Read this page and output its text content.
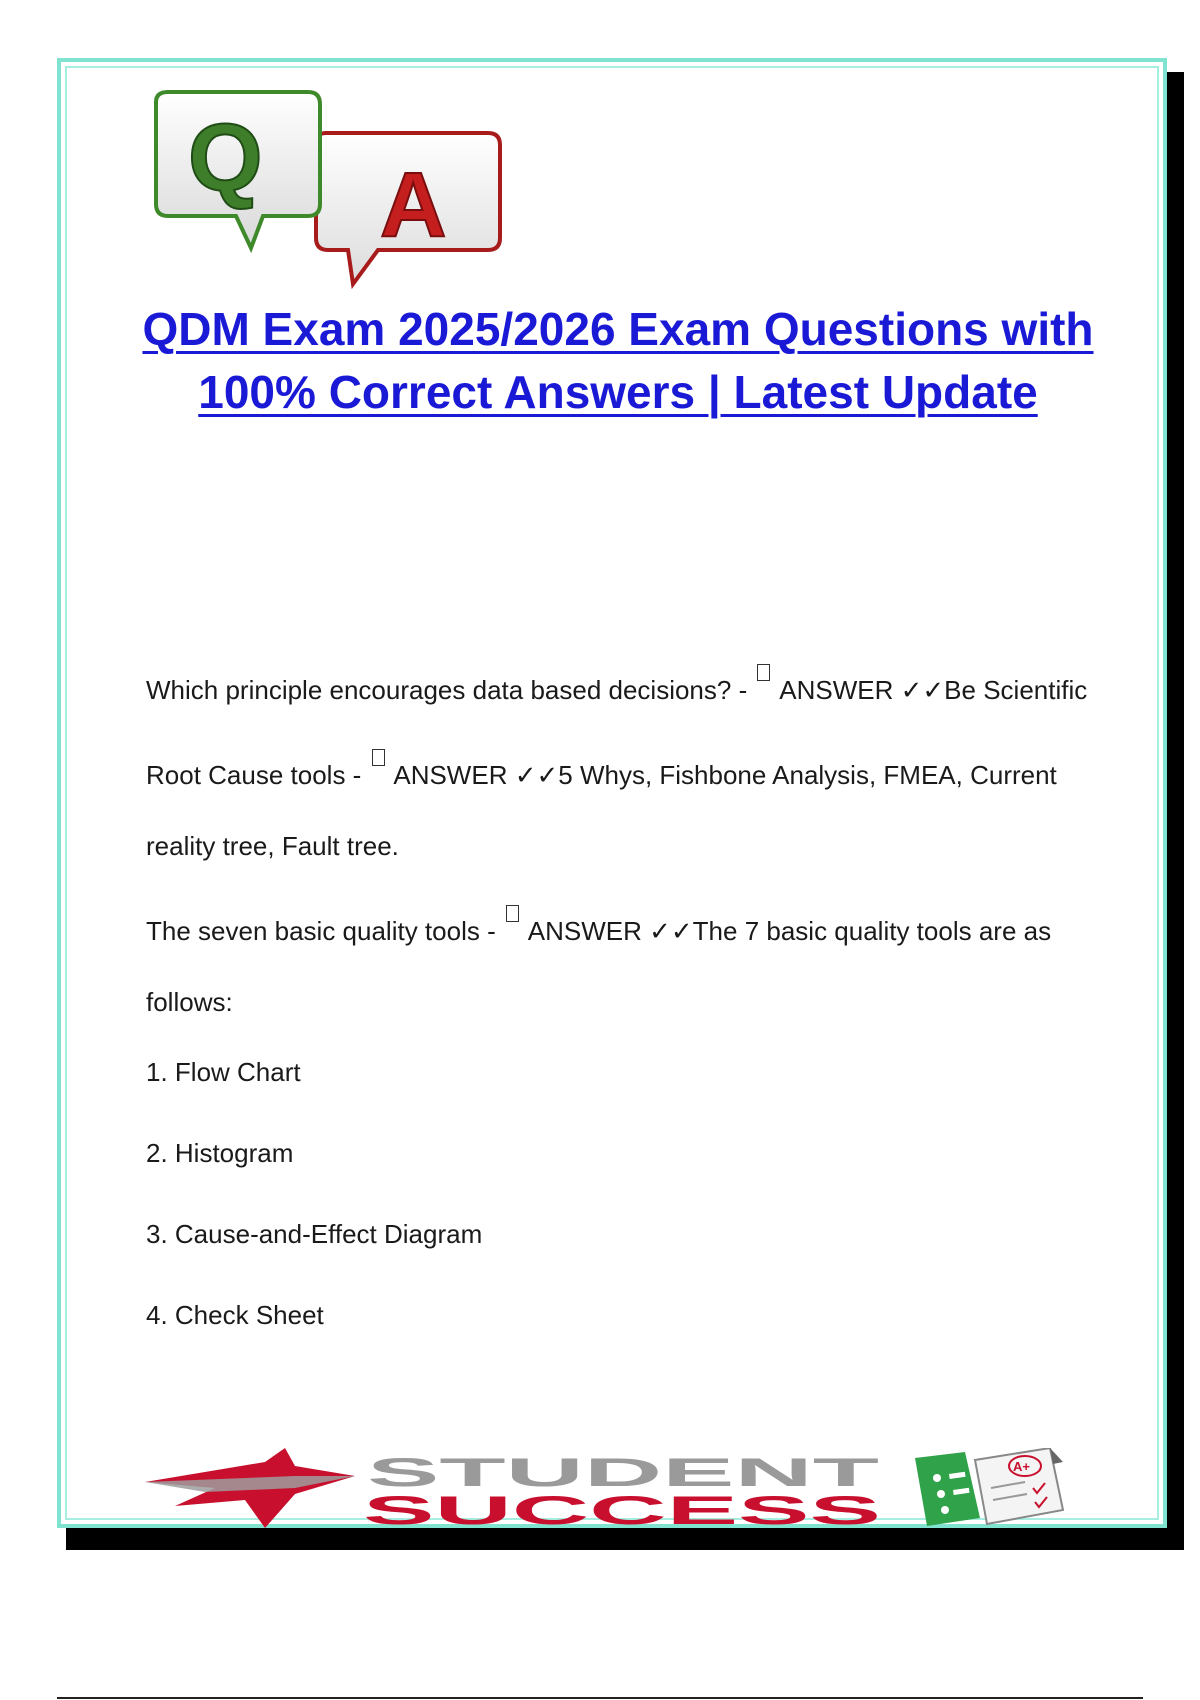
A
Q
QDM Exam 2025/2026 Exam Questions with 100% Correct Answers | Latest Update

Which principle encourages data based decisions? -  ANSWER ✓✓Be Scientific

Root Cause tools -  ANSWER ✓✓5 Whys, Fishbone Analysis, FMEA, Current reality tree, Fault tree.

The seven basic quality tools -  ANSWER ✓✓The 7 basic quality tools are as follows:

1. Flow Chart

2. Histogram

3. Cause-and-Effect Diagram

4. Check Sheet

STUDENT
SUCCESS
A+
